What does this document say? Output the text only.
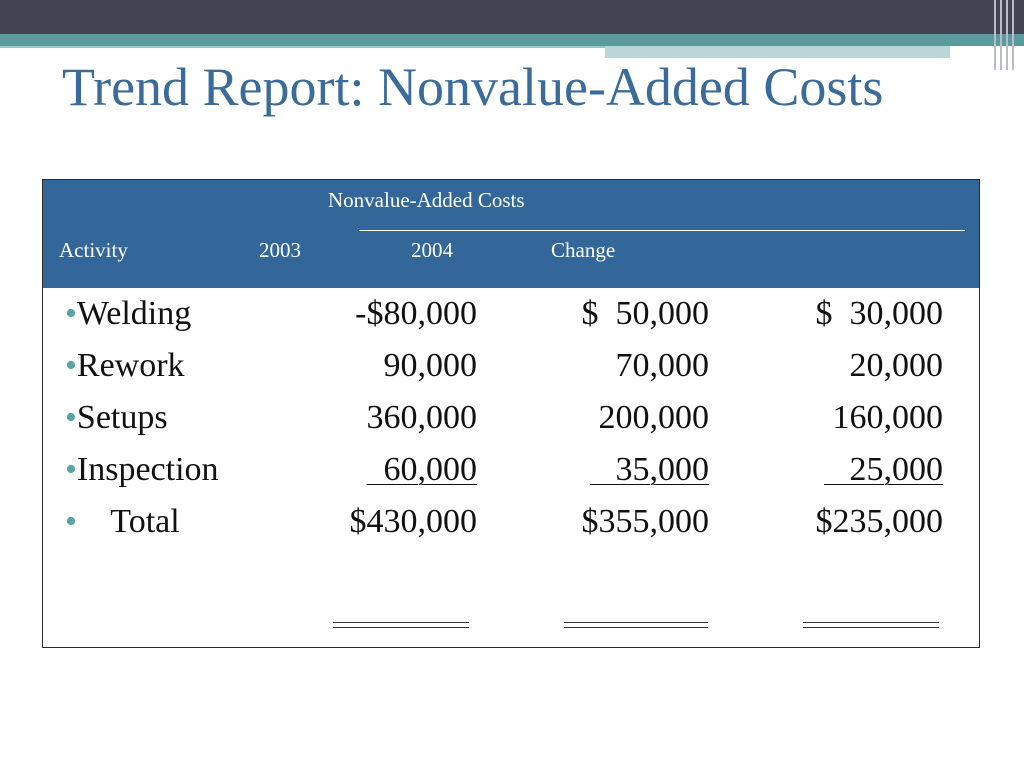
Trend Report: Nonvalue-Added Costs
Nonvalue-Added Costs
Activity	2003	2004	Change
•Welding	-$80,000	$  50,000	$  30,000
•Rework	90,000	70,000	20,000
•Setups	360,000	200,000	160,000
•Inspection	60,000	35,000	25,000
• Total	$430,000	$355,000	$235,000
